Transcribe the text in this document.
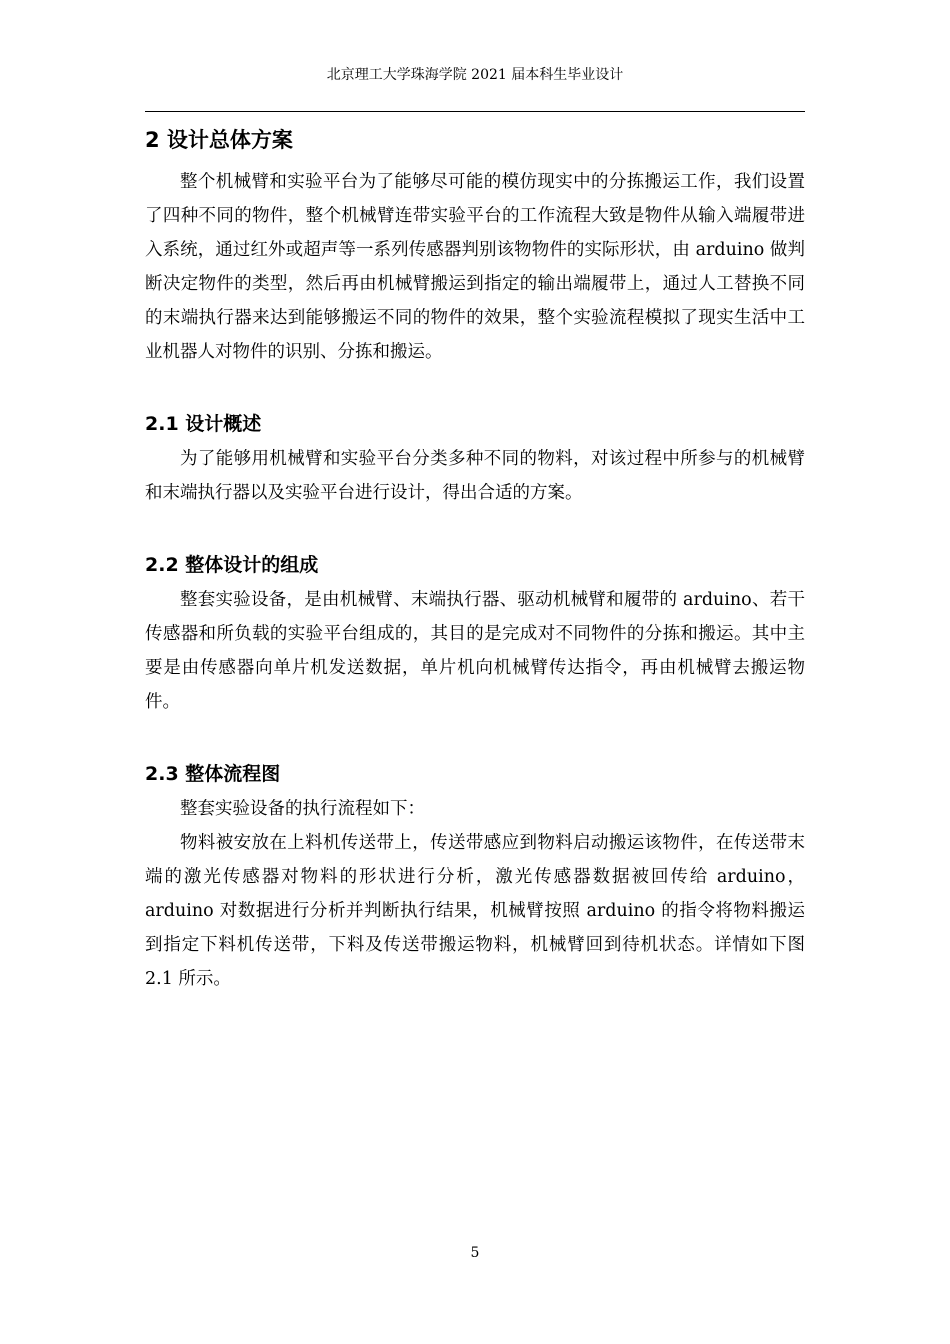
北京理工大学珠海学院 2021 届本科生毕业设计
2 设计总体方案

整个机械臂和实验平台为了能够尽可能的模仿现实中的分拣搬运工作，我们设置了四种不同的物件，整个机械臂连带实验平台的工作流程大致是物件从输入端履带进入系统，通过红外或超声等一系列传感器判别该物物件的实际形状，由 arduino 做判断决定物件的类型，然后再由机械臂搬运到指定的输出端履带上，通过人工替换不同的末端执行器来达到能够搬运不同的物件的效果，整个实验流程模拟了现实生活中工业机器人对物件的识别、分拣和搬运。

2.1 设计概述

为了能够用机械臂和实验平台分类多种不同的物料，对该过程中所参与的机械臂和末端执行器以及实验平台进行设计，得出合适的方案。

2.2 整体设计的组成

整套实验设备，是由机械臂、末端执行器、驱动机械臂和履带的 arduino、若干传感器和所负载的实验平台组成的，其目的是完成对不同物件的分拣和搬运。其中主要是由传感器向单片机发送数据，单片机向机械臂传达指令，再由机械臂去搬运物件。

2.3 整体流程图

整套实验设备的执行流程如下：

物料被安放在上料机传送带上，传送带感应到物料启动搬运该物件，在传送带末端的激光传感器对物料的形状进行分析，激光传感器数据被回传给 arduino，arduino 对数据进行分析并判断执行结果，机械臂按照 arduino 的指令将物料搬运到指定下料机传送带，下料及传送带搬运物料，机械臂回到待机状态。详情如下图 2.1 所示。

5
